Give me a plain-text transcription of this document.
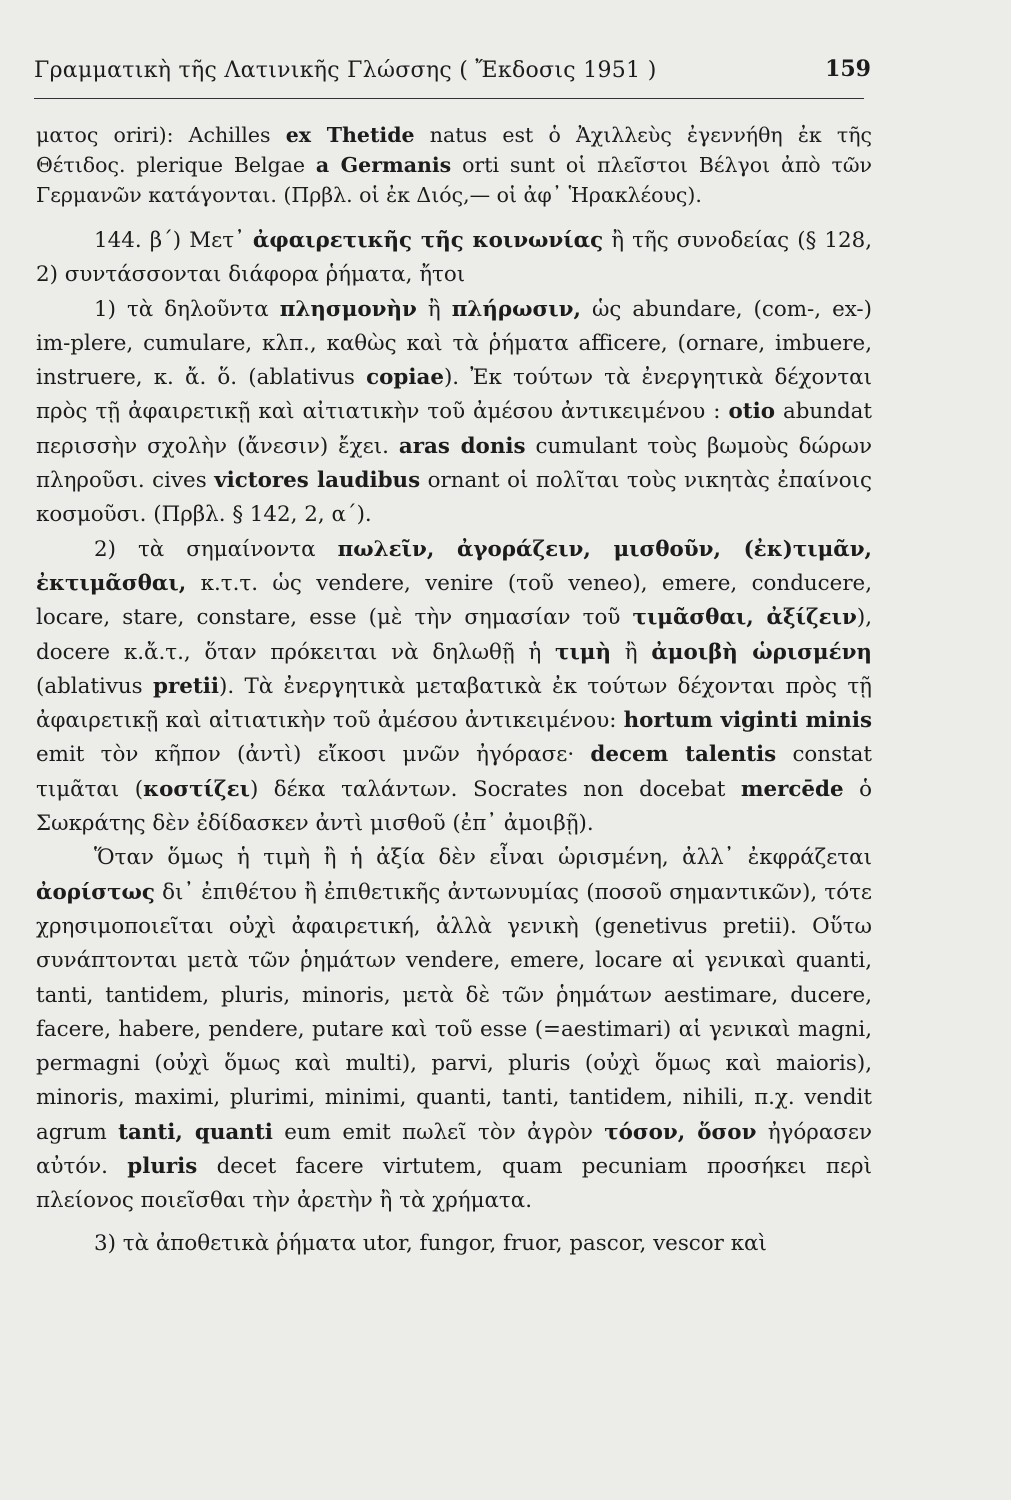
Γραμματικὴ τῆς Λατινικῆς Γλώσσης ( Ἔκδοσις 1951 )	159

ματος oriri): Achilles ex Thetide natus est ὁ Ἀχιλλεὺς ἐγεννήθη ἐκ τῆς Θέτιδος. plerique Belgae a Germanis orti sunt οἱ πλεῖστοι Βέλγοι ἀπὸ τῶν Γερμανῶν κατάγονται. (Πρβλ. οἱ ἐκ Διός,— οἱ ἀφ᾽ Ἡρακλέους).

144. β΄) Μετ᾽ ἀφαιρετικῆς τῆς κοινωνίας ἢ τῆς συνοδείας (§ 128, 2) συντάσσονται διάφορα ῥήματα, ἤτοι

1) τὰ δηλοῦντα πλησμονὴν ἢ πλήρωσιν, ὡς abundare, (com-, ex-) im-plere, cumulare, κλπ., καθὼς καὶ τὰ ῥήματα afficere, (ornare, imbuere, instruere, κ. ἄ. ὅ. (ablativus copiae). Ἐκ τούτων τὰ ἐνεργητικὰ δέχονται πρὸς τῇ ἀφαιρετικῇ καὶ αἰτιατικὴν τοῦ ἀμέσου ἀντικειμένου : otio abundat περισσὴν σχολὴν (ἄνεσιν) ἔχει. aras donis cumulant τοὺς βωμοὺς δώρων πληροῦσι. cives victores laudibus ornant οἱ πολῖται τοὺς νικητὰς ἐπαίνοις κοσμοῦσι. (Πρβλ. § 142, 2, α΄).

2) τὰ σημαίνοντα πωλεῖν, ἀγοράζειν, μισθοῦν, (ἐκ)τιμᾶν, ἐκτιμᾶσθαι, κ.τ.τ. ὡς vendere, venire (τοῦ veneo), emere, conducere, locare, stare, constare, esse (μὲ τὴν σημασίαν τοῦ τιμᾶσθαι, ἀξίζειν), docere κ.ἄ.τ., ὅταν πρόκειται νὰ δηλωθῇ ἡ τιμὴ ἢ ἀμοιβὴ ὡρισμένη (ablativus pretii). Τὰ ἐνεργητικὰ μεταβατικὰ ἐκ τούτων δέχονται πρὸς τῇ ἀφαιρετικῇ καὶ αἰτιατικὴν τοῦ ἀμέσου ἀντικειμένου: hortum viginti minis emit τὸν κῆπον (ἀντὶ) εἴκοσι μνῶν ἠγόρασε· decem talentis constat τιμᾶται (κοστίζει) δέκα ταλάντων. Socrates non docebat mercēde ὁ Σωκράτης δὲν ἐδίδασκεν ἀντὶ μισθοῦ (ἐπ᾽ ἀμοιβῇ).

Ὅταν ὅμως ἡ τιμὴ ἢ ἡ ἀξία δὲν εἶναι ὡρισμένη, ἀλλ᾽ ἐκφράζεται ἀορίστως δι᾽ ἐπιθέτου ἢ ἐπιθετικῆς ἀντωνυμίας (ποσοῦ σημαντικῶν), τότε χρησιμοποιεῖται οὐχὶ ἀφαιρετική, ἀλλὰ γενικὴ (genetivus pretii). Οὕτω συνάπτονται μετὰ τῶν ῥημάτων vendere, emere, locare αἱ γενικαὶ quanti, tanti, tantidem, pluris, minoris, μετὰ δὲ τῶν ῥημάτων aestimare, ducere, facere, habere, pendere, putare καὶ τοῦ esse (=aestimari) αἱ γενικαὶ magni, permagni (οὐχὶ ὅμως καὶ multi), parvi, pluris (οὐχὶ ὅμως καὶ maioris), minoris, maximi, plurimi, minimi, quanti, tanti, tantidem, nihili, π.χ. vendit agrum tanti, quanti eum emit πωλεῖ τὸν ἀγρὸν τόσον, ὅσον ἠγόρασεν αὐτόν. pluris decet facere virtutem, quam pecuniam προσήκει περὶ πλείονος ποιεῖσθαι τὴν ἀρετὴν ἢ τὰ χρήματα.

3) τὰ ἀποθετικὰ ῥήματα utor, fungor, fruor, pascor, vescor καὶ
